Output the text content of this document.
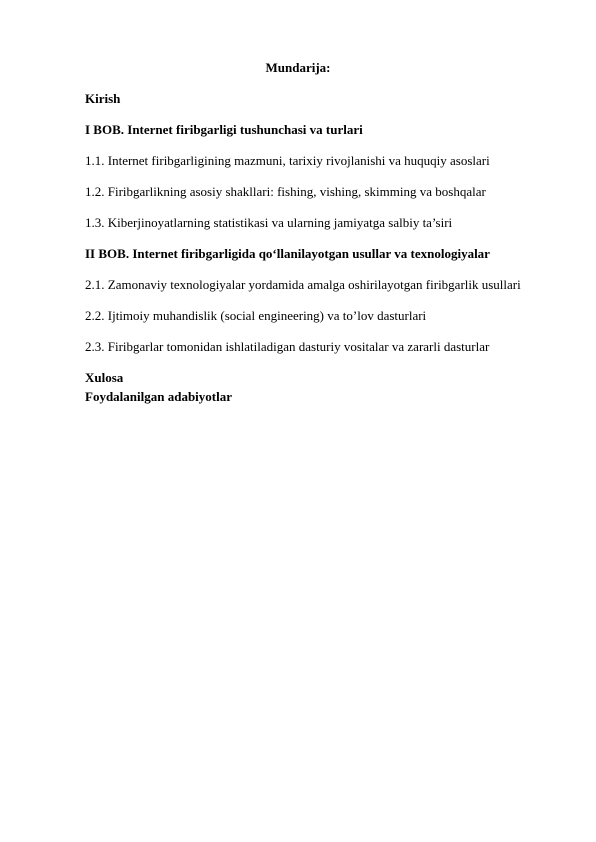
Mundarija:
Kirish
I BOB. Internet firibgarligi tushunchasi va turlari
1.1. Internet firibgarligining mazmuni, tarixiy rivojlanishi va huquqiy asoslari
1.2. Firibgarlikning asosiy shakllari: fishing, vishing, skimming va boshqalar
1.3. Kiberjinoyatlarning statistikasi va ularning jamiyatga salbiy ta’siri
II BOB. Internet firibgarligida qo‘llanilayotgan usullar va texnologiyalar
2.1. Zamonaviy texnologiyalar yordamida amalga oshirilayotgan firibgarlik usullari
2.2. Ijtimoiy muhandislik (social engineering) va to’lov dasturlari
2.3. Firibgarlar tomonidan ishlatiladigan dasturiy vositalar va zararli dasturlar
Xulosa
Foydalanilgan adabiyotlar
